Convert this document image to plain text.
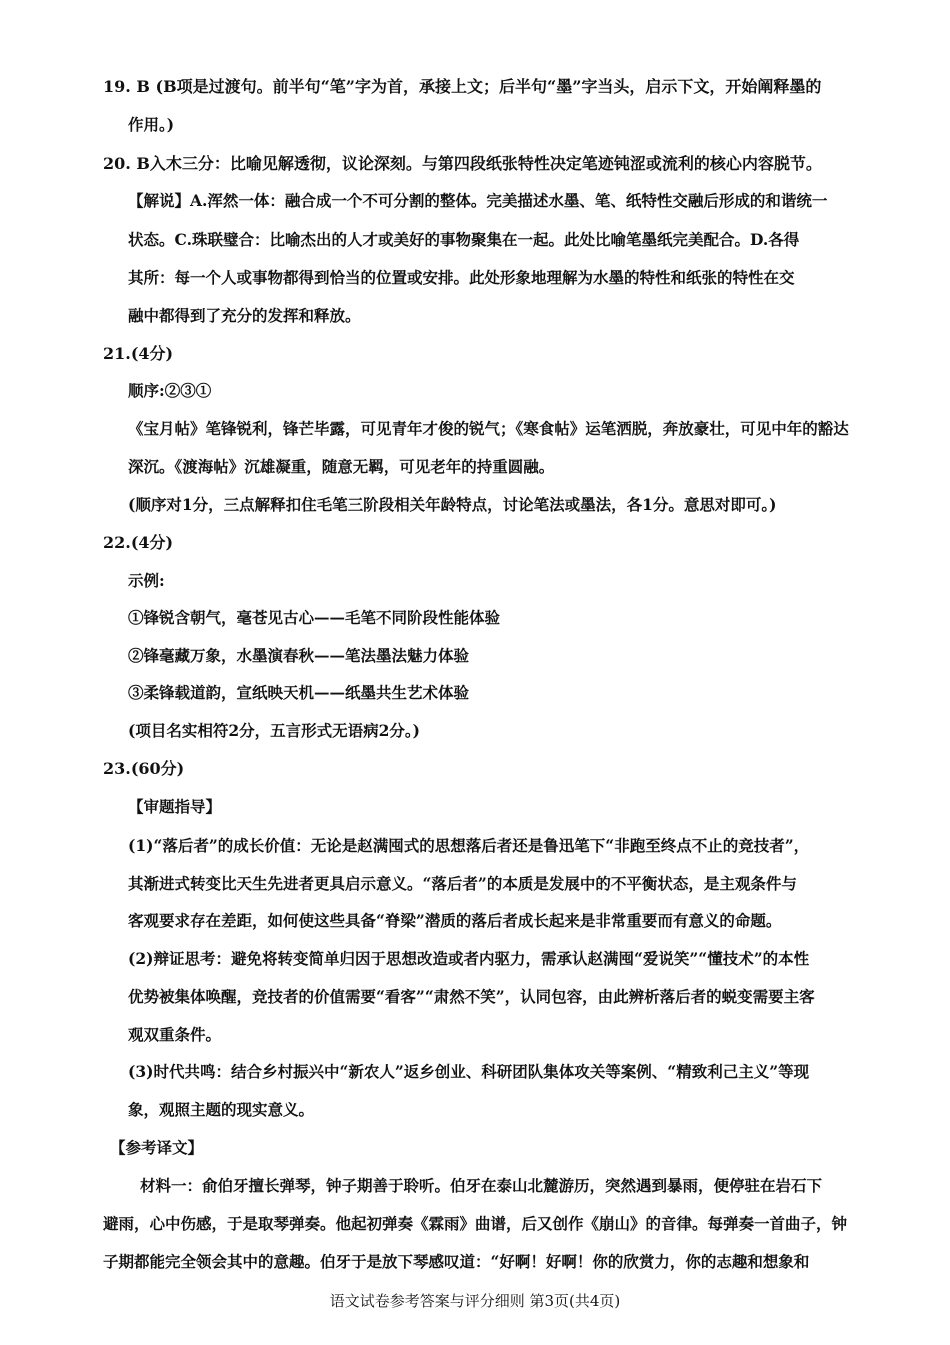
19. B (B项是过渡句。前半句“笔”字为首，承接上文；后半句“墨”字当头，启示下文，开始阐释墨的
作用。)
20. B入木三分：比喻见解透彻，议论深刻。与第四段纸张特性决定笔迹钝涩或流利的核心内容脱节。
【解说】A.浑然一体：融合成一个不可分割的整体。完美描述水墨、笔、纸特性交融后形成的和谐统一
状态。C.珠联璧合：比喻杰出的人才或美好的事物聚集在一起。此处比喻笔墨纸完美配合。D.各得
其所：每一个人或事物都得到恰当的位置或安排。此处形象地理解为水墨的特性和纸张的特性在交
融中都得到了充分的发挥和释放。
21.(4分)
顺序:②③①
《宝月帖》笔锋锐利，锋芒毕露，可见青年才俊的锐气；《寒食帖》运笔洒脱，奔放豪壮，可见中年的豁达
深沉。《渡海帖》沉雄凝重，随意无羁，可见老年的持重圆融。
(顺序对1分，三点解释扣住毛笔三阶段相关年龄特点，讨论笔法或墨法，各1分。意思对即可。)
22.(4分)
示例:
①锋锐含朝气，毫苍见古心——毛笔不同阶段性能体验
②锋毫藏万象，水墨演春秋——笔法墨法魅力体验
③柔锋载道韵，宣纸映天机——纸墨共生艺术体验
(项目名实相符2分，五言形式无语病2分。)
23.(60分)
【审题指导】
(1)“落后者”的成长价值：无论是赵满囤式的思想落后者还是鲁迅笔下“非跑至终点不止的竞技者”，
其渐进式转变比天生先进者更具启示意义。“落后者”的本质是发展中的不平衡状态，是主观条件与
客观要求存在差距，如何使这些具备“脊梁”潜质的落后者成长起来是非常重要而有意义的命题。
(2)辩证思考：避免将转变简单归因于思想改造或者内驱力，需承认赵满囤“爱说笑”“懂技术”的本性
优势被集体唤醒，竞技者的价值需要“看客”“肃然不笑”，认同包容，由此辨析落后者的蜕变需要主客
观双重条件。
(3)时代共鸣：结合乡村振兴中“新农人”返乡创业、科研团队集体攻关等案例、“精致利己主义”等现
象，观照主题的现实意义。
【参考译文】
材料一：俞伯牙擅长弹琴，钟子期善于聆听。伯牙在泰山北麓游历，突然遇到暴雨，便停驻在岩石下
避雨，心中伤感，于是取琴弹奏。他起初弹奏《霖雨》曲谱，后又创作《崩山》的音律。每弹奏一首曲子，钟
子期都能完全领会其中的意趣。伯牙于是放下琴感叹道：“好啊！好啊！你的欣赏力，你的志趣和想象和
语文试卷参考答案与评分细则 第3页(共4页)
